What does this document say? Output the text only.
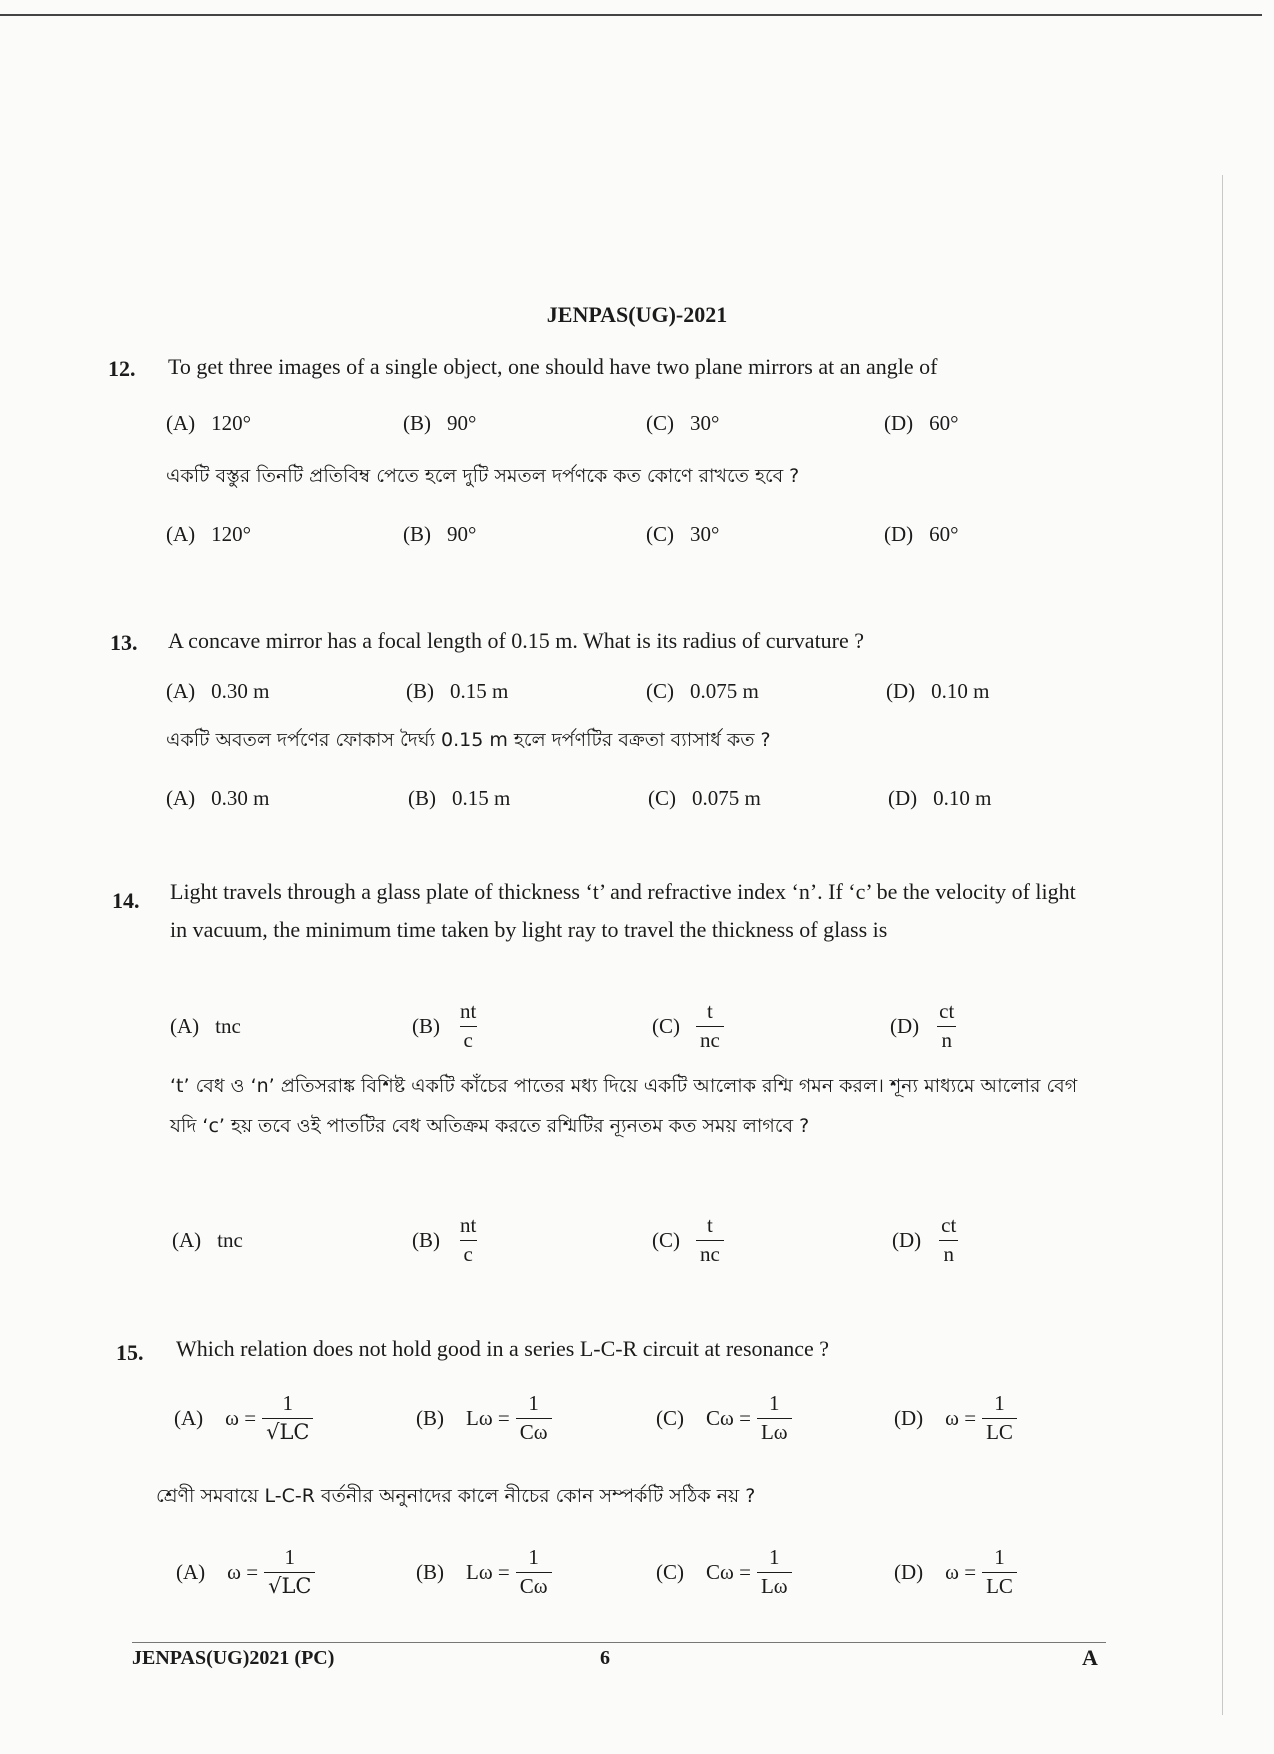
JENPAS(UG)-2021
12. To get three images of a single object, one should have two plane mirrors at an angle of
(A) 120°	(B) 90°	(C) 30°	(D) 60°
একটি বস্তুর তিনটি প্রতিবিম্ব পেতে হলে দুটি সমতল দর্পণকে কত কোণে রাখতে হবে ?
(A) 120°	(B) 90°	(C) 30°	(D) 60°
13. A concave mirror has a focal length of 0.15 m. What is its radius of curvature ?
(A) 0.30 m	(B) 0.15 m	(C) 0.075 m	(D) 0.10 m
একটি অবতল দর্পণের ফোকাস দৈর্ঘ্য 0.15 m হলে দর্পণটির বক্রতা ব্যাসার্ধ কত ?
(A) 0.30 m	(B) 0.15 m	(C) 0.075 m	(D) 0.10 m
14. Light travels through a glass plate of thickness ‘t’ and refractive index ‘n’. If ‘c’ be the velocity of light in vacuum, the minimum time taken by light ray to travel the thickness of glass is
(A) tnc	$(B) \frac{nt}{c}$	$(C) \frac{t}{nc}$	$(D) \frac{ct}{n}$
‘t’ বেধ ও ‘n’ প্রতিসরাঙ্ক বিশিষ্ট একটি কাঁচের পাতের মধ্য দিয়ে একটি আলোক রশ্মি গমন করল। শূন্য মাধ্যমে আলোর বেগ যদি ‘c’ হয় তবে ওই পাতটির বেধ অতিক্রম করতে রশ্মিটির ন্যূনতম কত সময় লাগবে ?
(A) tnc	$(B) \frac{nt}{c}$	$(C) \frac{t}{nc}$	$(D) \frac{ct}{n}$
15. Which relation does not hold good in a series L-C-R circuit at resonance ?
(A) $\omega = \frac{1}{√LC}$	(B) $L\omega = \frac{1}{C\omega}$	(C) $C\omega = \frac{1}{L\omega}$	(D) $\omega = \frac{1}{LC}$
শ্রেণী সমবায়ে L-C-R বর্তনীর অনুনাদের কালে নীচের কোন সম্পর্কটি সঠিক নয় ?
(A) $\omega = \frac{1}{√LC}$	(B) $L\omega = \frac{1}{C\omega}$	(C) $C\omega = \frac{1}{L\omega}$	(D) $\omega = \frac{1}{LC}$
JENPAS(UG)2021 (PC)	6	A
